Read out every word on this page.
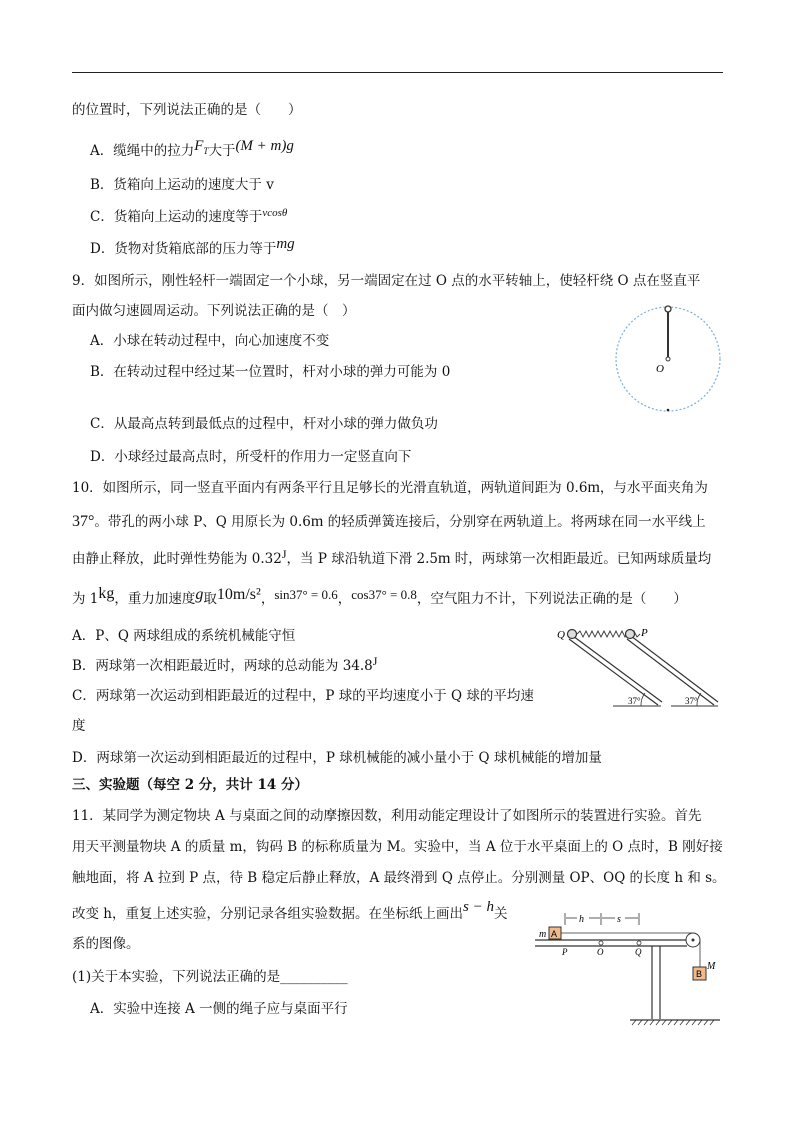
的位置时，下列说法正确的是（　　）
A．缆绳中的拉力$F_T$大于(M + m)g
B．货箱向上运动的速度大于 v
C．货箱向上运动的速度等于$^{vcos\theta}$
D．货物对货箱底部的压力等于mg
9．如图所示，刚性轻杆一端固定一个小球，另一端固定在过 O 点的水平转轴上，使轻杆绕 O 点在竖直平
面内做匀速圆周运动。下列说法正确的是（　）
A．小球在转动过程中，向心加速度不变
B．在转动过程中经过某一位置时，杆对小球的弹力可能为 0
C．从最高点转到最低点的过程中，杆对小球的弹力做负功
D．小球经过最高点时，所受杆的作用力一定竖直向下
O
10．如图所示，同一竖直平面内有两条平行且足够长的光滑直轨道，两轨道间距为 0.6m，与水平面夹角为
37°。带孔的两小球 P、Q 用原长为 0.6m 的轻质弹簧连接后，分别穿在两轨道上。将两球在同一水平线上
由静止释放，此时弹性势能为 0.32J，当 P 球沿轨道下滑 2.5m 时，两球第一次相距最近。已知两球质量均
为 1kg，重力加速度g取10m/s²，sin37° = 0.6，cos37° = 0.8，空气阻力不计，下列说法正确的是（　　）
A．P、Q 两球组成的系统机械能守恒
B．两球第一次相距最近时，两球的总动能为 34.8J
C．两球第一次运动到相距最近的过程中，P 球的平均速度小于 Q 球的平均速
度
D．两球第一次运动到相距最近的过程中，P 球机械能的减小量小于 Q 球机械能的增加量
Q	P
37°	37°
三、实验题（每空 2 分，共计 14 分）
11．某同学为测定物块 A 与桌面之间的动摩擦因数，利用动能定理设计了如图所示的装置进行实验。首先
用天平测量物块 A 的质量 m，钩码 B 的标称质量为 M。实验中，当 A 位于水平桌面上的 O 点时，B 刚好接
触地面，将 A 拉到 P 点，待 B 稳定后静止释放，A 最终滑到 Q 点停止。分别测量 OP、OQ 的长度 h 和 s。
改变 h，重复上述实验，分别记录各组实验数据。在坐标纸上画出s − h关
系的图像。
(1)关于本实验，下列说法正确的是__________
A．实验中连接 A 一侧的绳子应与桌面平行
h	s
A
m
B
M
P	O	Q
